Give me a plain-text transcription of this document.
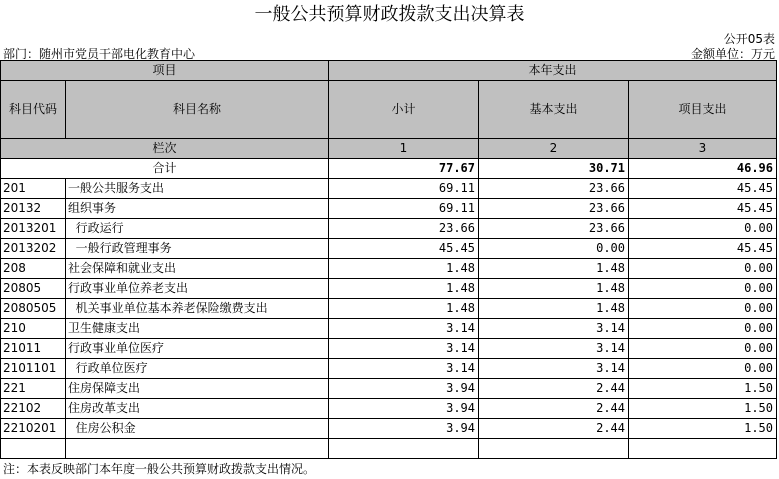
一般公共预算财政拨款支出决算表
公开05表
部门：随州市党员干部电化教育中心	金额单位：万元
项目		本年支出		
科目代码	科目名称	小计	基本支出	项目支出
栏次		1	2	3
合计		77.67	30.71	46.96
201	一般公共服务支出	69.11	23.66	45.45
20132	组织事务	69.11	23.66	45.45
2013201	行政运行	23.66	23.66	0.00
2013202	一般行政管理事务	45.45	0.00	45.45
208	社会保障和就业支出	1.48	1.48	0.00
20805	行政事业单位养老支出	1.48	1.48	0.00
2080505	机关事业单位基本养老保险缴费支出	1.48	1.48	0.00
210	卫生健康支出	3.14	3.14	0.00
21011	行政事业单位医疗	3.14	3.14	0.00
2101101	行政单位医疗	3.14	3.14	0.00
221	住房保障支出	3.94	2.44	1.50
22102	住房改革支出	3.94	2.44	1.50
2210201	住房公积金	3.94	2.44	1.50

注：本表反映部门本年度一般公共预算财政拨款支出情况。
